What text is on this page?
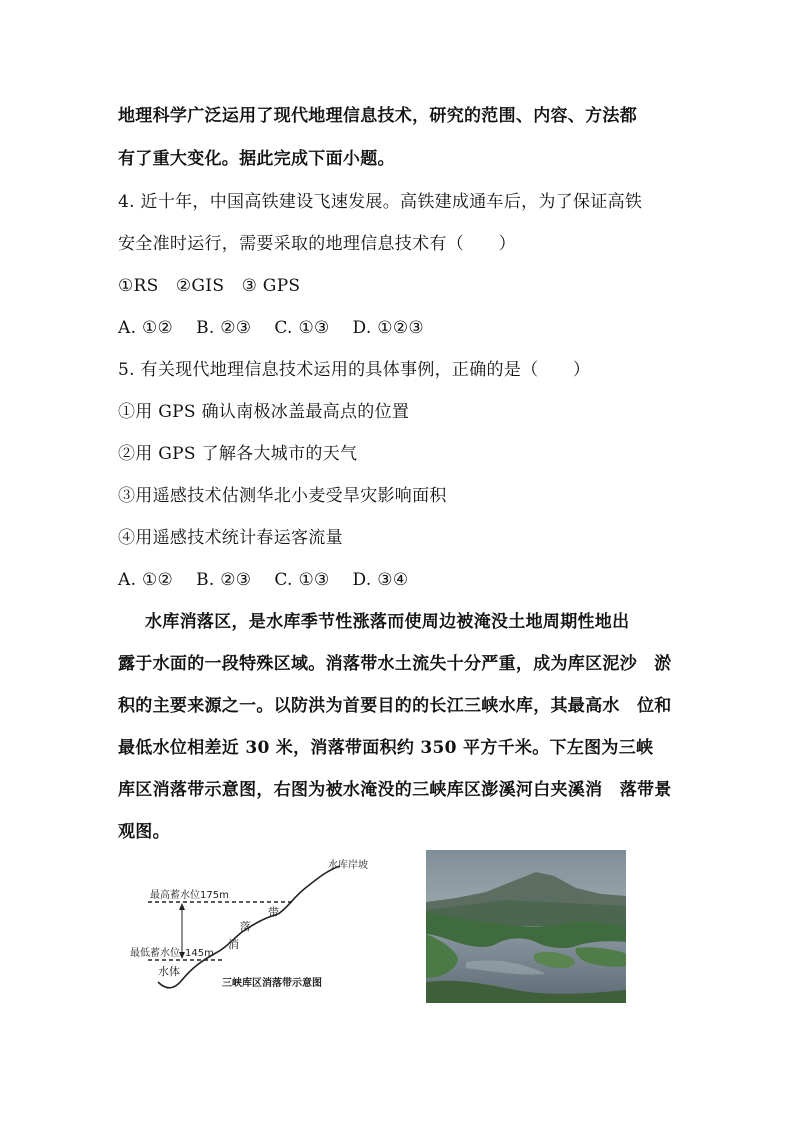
地理科学广泛运用了现代地理信息技术，研究的范围、内容、方法都
有了重大变化。据此完成下面小题。
4. 近十年，中国高铁建设飞速发展。高铁建成通车后，为了保证高铁
安全准时运行，需要采取的地理信息技术有（　　）
①RS　②GIS　③ GPS
A. ①②　 B. ②③　 C. ①③　 D. ①②③
5. 有关现代地理信息技术运用的具体事例，正确的是（　　）
①用 GPS 确认南极冰盖最高点的位置
②用 GPS 了解各大城市的天气
③用遥感技术估测华北小麦受旱灾影响面积
④用遥感技术统计春运客流量
A. ①②　 B. ②③　 C. ①③　 D. ③④
水库消落区，是水库季节性涨落而使周边被淹没土地周期性地出
露于水面的一段特殊区域。消落带水土流失十分严重，成为库区泥沙　淤
积的主要来源之一。以防洪为首要目的的长江三峡水库，其最高水　位和
最低水位相差近 30 米，消落带面积约 350 平方千米。下左图为三峡
库区消落带示意图，右图为被水淹没的三峡库区澎溪河白夹溪消　落带景
观图。
水库岸坡
最高蓄水位175m
最低蓄水位 145m
水体
消
落
带
三峡库区消落带示意图
